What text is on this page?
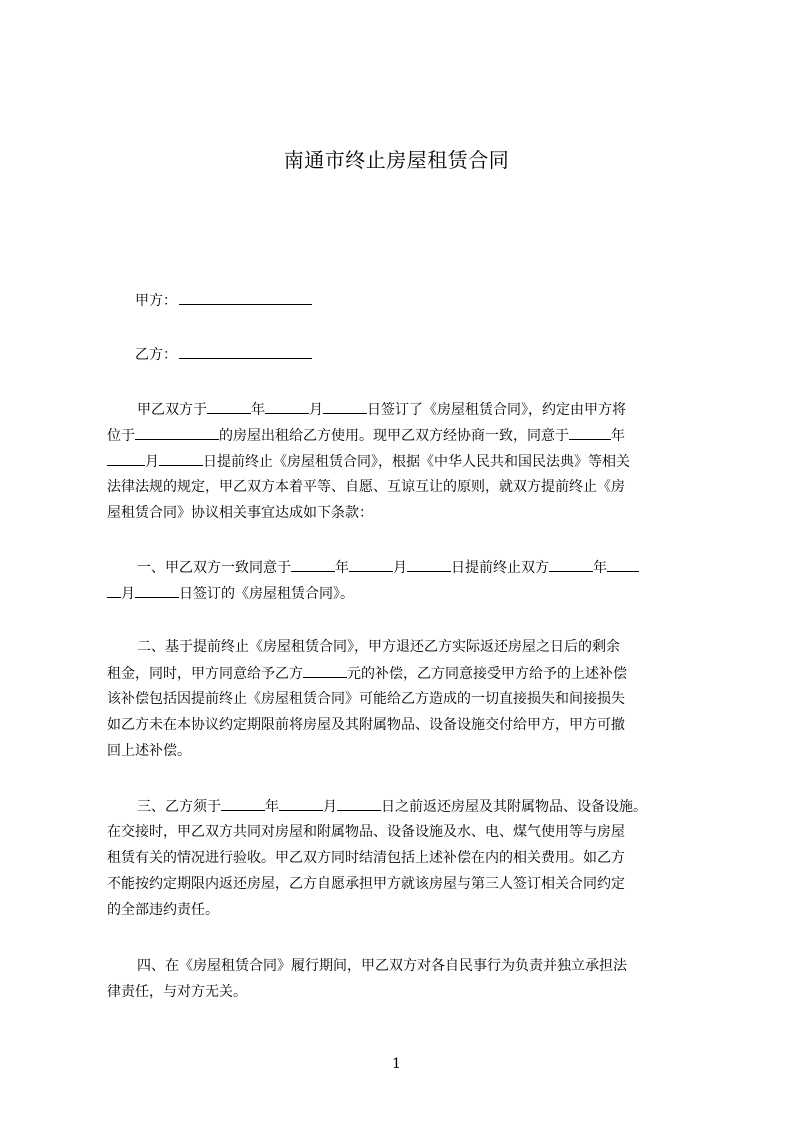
南通市终止房屋租赁合同
甲方：
乙方：
甲乙双方于	年	月	日签订了《房屋租赁合同》，约定由甲方将
位于	的房屋出租给乙方使用。现甲乙双方经协商一致，同意于	年
月	日提前终止《房屋租赁合同》，根据《中华人民共和国民法典》等相关
法律法规的规定，甲乙双方本着平等、自愿、互谅互让的原则，就双方提前终止《房
屋租赁合同》协议相关事宜达成如下条款：
一、甲乙双方一致同意于	年	月	日提前终止双方	年
月	日签订的《房屋租赁合同》。
二、基于提前终止《房屋租赁合同》，甲方退还乙方实际返还房屋之日后的剩余
租金，同时，甲方同意给予乙方	元的补偿，乙方同意接受甲方给予的上述补偿
该补偿包括因提前终止《房屋租赁合同》可能给乙方造成的一切直接损失和间接损失
如乙方未在本协议约定期限前将房屋及其附属物品、设备设施交付给甲方，甲方可撤
回上述补偿。
三、乙方须于	年	月	日之前返还房屋及其附属物品、设备设施。
在交接时，甲乙双方共同对房屋和附属物品、设备设施及水、电、煤气使用等与房屋
租赁有关的情况进行验收。甲乙双方同时结清包括上述补偿在内的相关费用。如乙方
不能按约定期限内返还房屋，乙方自愿承担甲方就该房屋与第三人签订相关合同约定
的全部违约责任。
四、在《房屋租赁合同》履行期间，甲乙双方对各自民事行为负责并独立承担法
律责任，与对方无关。
1
